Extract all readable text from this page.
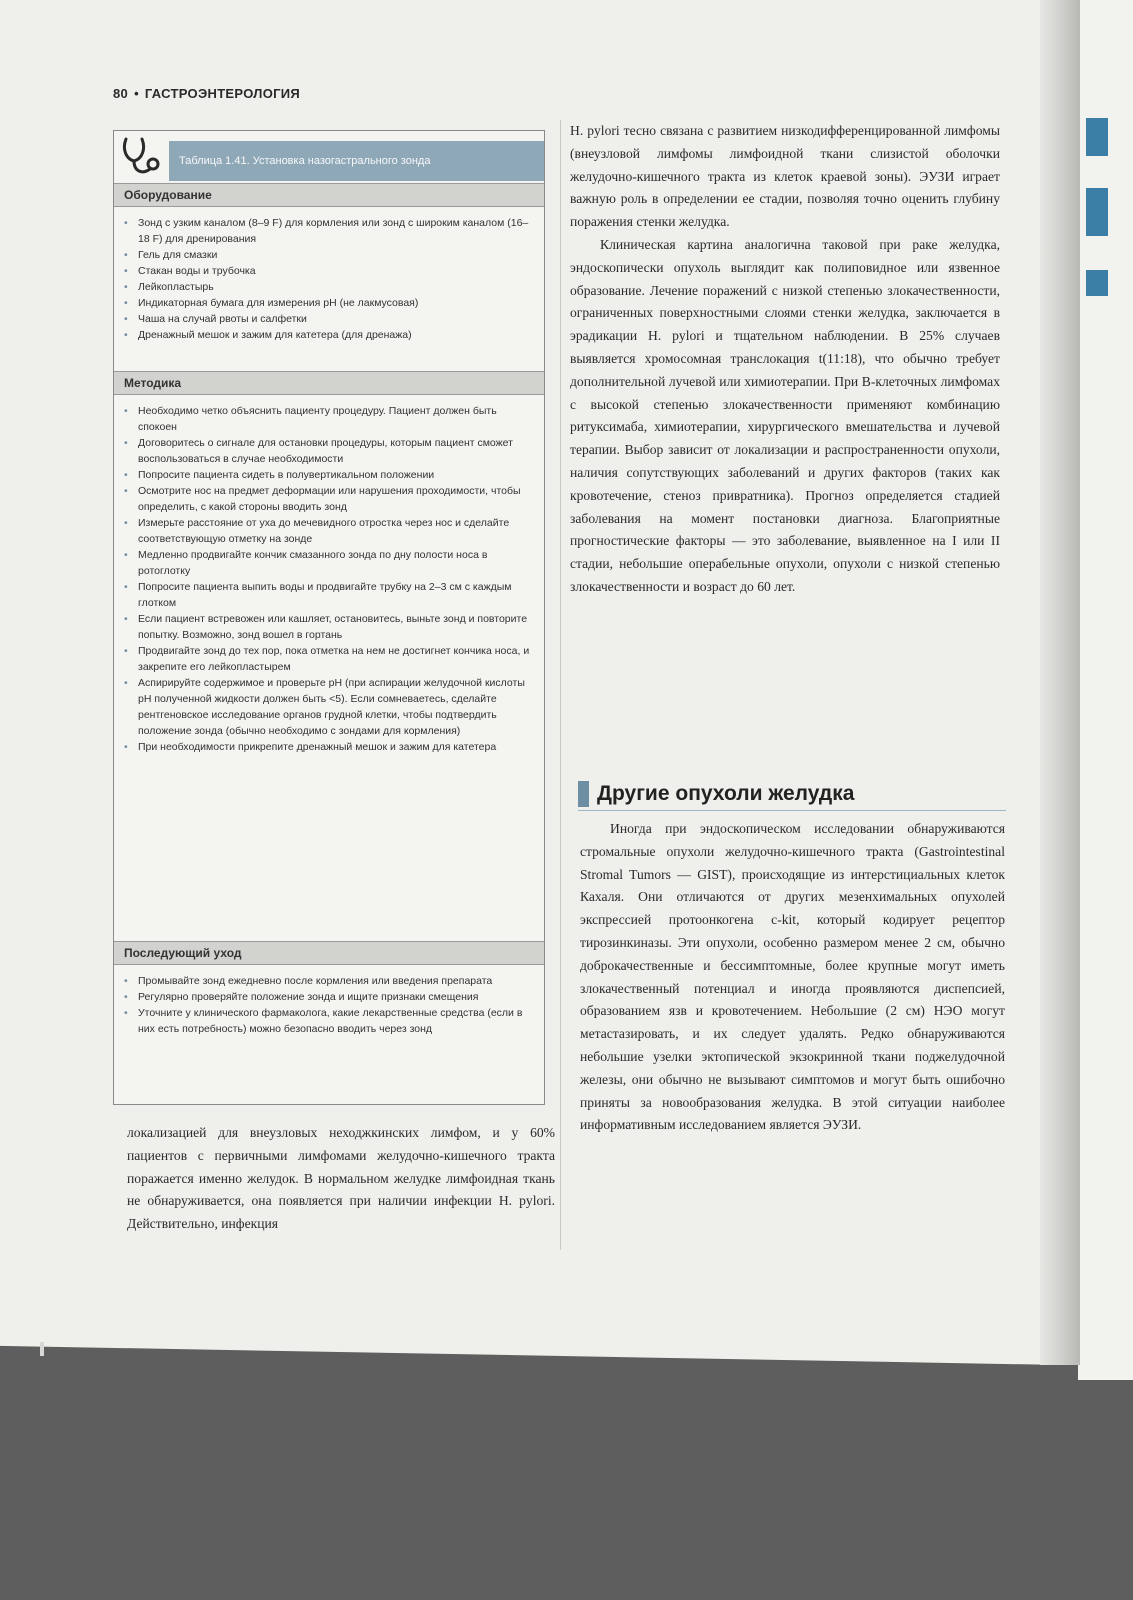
80 • ГАСТРОЭНТЕРОЛОГИЯ
Таблица 1.41. Установка назогастрального зонда
Оборудование
• Зонд с узким каналом (8–9 F) для кормления или зонд с широким каналом (16–18 F) для дренирования
• Гель для смазки
• Стакан воды и трубочка
• Лейкопластырь
• Индикаторная бумага для измерения pH (не лакмусовая)
• Чаша на случай рвоты и салфетки
• Дренажный мешок и зажим для катетера (для дренажа)
Методика
• Необходимо четко объяснить пациенту процедуру. Пациент должен быть спокоен
• Договоритесь о сигнале для остановки процедуры, которым пациент сможет воспользоваться в случае необходимости
• Попросите пациента сидеть в полувертикальном положении
• Осмотрите нос на предмет деформации или нарушения проходимости, чтобы определить, с какой стороны вводить зонд
• Измерьте расстояние от уха до мечевидного отростка через нос и сделайте соответствующую отметку на зонде
• Медленно продвигайте кончик смазанного зонда по дну полости носа в ротоглотку
• Попросите пациента выпить воды и продвигайте трубку на 2–3 см с каждым глотком
• Если пациент встревожен или кашляет, остановитесь, выньте зонд и повторите попытку. Возможно, зонд вошел в гортань
• Продвигайте зонд до тех пор, пока отметка на нем не достигнет кончика носа, и закрепите его лейкопластырем
• Аспирируйте содержимое и проверьте pH (при аспирации желудочной кислоты pH полученной жидкости должен быть <5). Если сомневаетесь, сделайте рентгеновское исследование органов грудной клетки, чтобы подтвердить положение зонда (обычно необходимо с зондами для кормления)
• При необходимости прикрепите дренажный мешок и зажим для катетера
Последующий уход
• Промывайте зонд ежедневно после кормления или введения препарата
• Регулярно проверяйте положение зонда и ищите признаки смещения
• Уточните у клинического фармаколога, какие лекарственные средства (если в них есть потребность) можно безопасно вводить через зонд

локализацией для внеузловых неходжкинских лимфом, и у 60% пациентов с первичными лимфомами желудочно-кишечного тракта поражается именно желудок. В нормальном желудке лимфоидная ткань не обнаруживается, она появляется при наличии инфекции H. pylori. Действительно, инфекция

H. pylori тесно связана с развитием низкодифференцированной лимфомы (внеузловой лимфомы лимфоидной ткани слизистой оболочки желудочно-кишечного тракта из клеток краевой зоны). ЭУЗИ играет важную роль в определении ее стадии, позволяя точно оценить глубину поражения стенки желудка.

Клиническая картина аналогична таковой при раке желудка, эндоскопически опухоль выглядит как полиповидное или язвенное образование. Лечение поражений с низкой степенью злокачественности, ограниченных поверхностными слоями стенки желудка, заключается в эрадикации H. pylori и тщательном наблюдении. В 25% случаев выявляется хромосомная транслокация t(11:18), что обычно требует дополнительной лучевой или химиотерапии. При В-клеточных лимфомах с высокой степенью злокачественности применяют комбинацию ритуксимаба, химиотерапии, хирургического вмешательства и лучевой терапии. Выбор зависит от локализации и распространенности опухоли, наличия сопутствующих заболеваний и других факторов (таких как кровотечение, стеноз привратника). Прогноз определяется стадией заболевания на момент постановки диагноза. Благоприятные прогностические факторы — это заболевание, выявленное на I или II стадии, небольшие операбельные опухоли, опухоли с низкой степенью злокачественности и возраст до 60 лет.

Другие опухоли желудка

Иногда при эндоскопическом исследовании обнаруживаются стромальные опухоли желудочно-кишечного тракта (Gastrointestinal Stromal Tumors — GIST), происходящие из интерстициальных клеток Кахаля. Они отличаются от других мезенхимальных опухолей экспрессией протоонкогена c-kit, который кодирует рецептор тирозинкиназы. Эти опухоли, особенно размером менее 2 см, обычно доброкачественные и бессимптомные, более крупные могут иметь злокачественный потенциал и иногда проявляются диспепсией, образованием язв и кровотечением. Небольшие (2 см) НЭО могут метастазировать, и их следует удалять. Редко обнаруживаются небольшие узелки эктопической экзокринной ткани поджелудочной железы, они обычно не вызывают симптомов и могут быть ошибочно приняты за новообразования желудка. В этой ситуации наиболее информативным исследованием является ЭУЗИ.
